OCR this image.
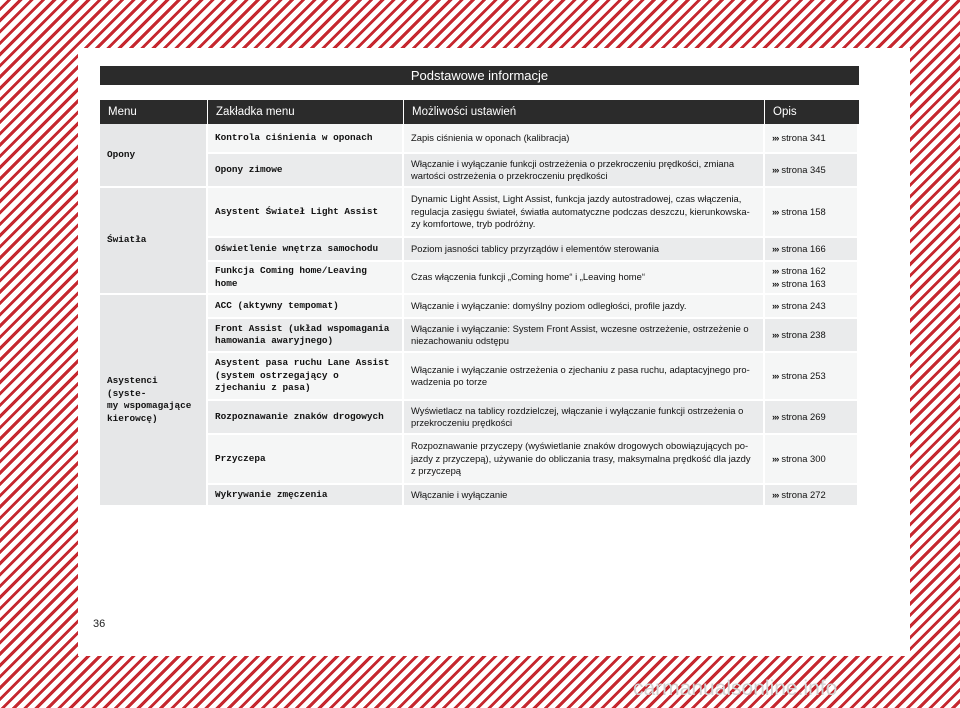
Podstawowe informacje
Menu	Zakładka menu	Możliwości ustawień	Opis
Opony	Kontrola ciśnienia w oponach	Zapis ciśnienia w oponach (kalibracja)	››› strona 341
	Opony zimowe	Włączanie i wyłączanie funkcji ostrzeżenia o przekroczeniu prędkości, zmiana wartości ostrzeżenia o przekroczeniu prędkości	››› strona 345
Światła	Asystent Świateł Light Assist	Dynamic Light Assist, Light Assist, funkcja jazdy autostradowej, czas włączenia, regulacja zasięgu świateł, światła automatyczne podczas deszczu, kierunkowska-zy komfortowe, tryb podróżny.	››› strona 158
	Oświetlenie wnętrza samochodu	Poziom jasności tablicy przyrządów i elementów sterowania	››› strona 166
	Funkcja Coming home/Leaving home	Czas włączenia funkcji „Coming home“ i „Leaving home“	››› strona 162
››› strona 163

Asystenci (syste-
my wspomagające
kierowcę)	ACC (aktywny tempomat)	Włączanie i wyłączanie: domyślny poziom odległości, profile jazdy.	››› strona 243
	Front Assist (układ wspomagania hamowania awaryjnego)	Włączanie i wyłączanie: System Front Assist, wczesne ostrzeżenie, ostrzeżenie o niezachowaniu odstępu	››› strona 238
	Asystent pasa ruchu Lane Assist (system ostrzegający o zjechaniu z pasa)	Włączanie i wyłączanie ostrzeżenia o zjechaniu z pasa ruchu, adaptacyjnego pro-wadzenia po torze	››› strona 253
	Rozpoznawanie znaków drogowych	Wyświetlacz na tablicy rozdzielczej, włączanie i wyłączanie funkcji ostrzeżenia o przekroczeniu prędkości	››› strona 269
	Przyczepa	Rozpoznawanie przyczepy (wyświetlanie znaków drogowych obowiązujących po-jazdy z przyczepą), używanie do obliczania trasy, maksymalna prędkość dla jazdy z przyczepą	››› strona 300
	Wykrywanie zmęczenia	Włączanie i wyłączanie	››› strona 272
36
carmanualsonline.info
